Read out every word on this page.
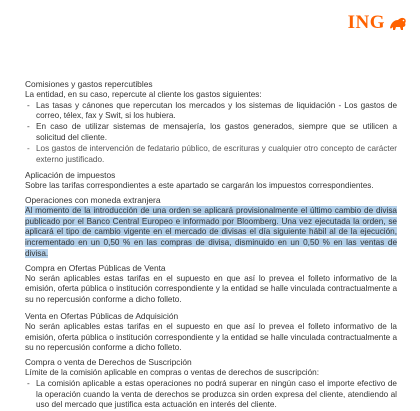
ING
Comisiones y gastos repercutibles

La entidad, en su caso, repercute al cliente los gastos siguientes:

- Las tasas y cánones que repercutan los mercados y los sistemas de liquidación - Los gastos de correo, télex, fax y Swit, si los hubiera.
- En caso de utilizar sistemas de mensajería, los gastos generados, siempre que se utilicen a solicitud del cliente.
- Los gastos de intervención de fedatario público, de escrituras y cualquier otro concepto de carácter externo justificado.
Aplicación de impuestos

Sobre las tarifas correspondientes a este apartado se cargarán los impuestos correspondientes.

Operaciones con moneda extranjera

Al momento de la introducción de una orden se aplicará provisionalmente el último cambio de divisa publicado por el Banco Central Europeo e informado por Bloomberg. Una vez ejecutada la orden, se aplicará el tipo de cambio vigente en el mercado de divisas el día siguiente hábil al de la ejecución, incrementado en un 0,50 % en las compras de divisa, disminuido en un 0,50 % en las ventas de divisa.

Compra en Ofertas Públicas de Venta

No serán aplicables estas tarifas en el supuesto en que así lo prevea el folleto informativo de la emisión, oferta pública o institución correspondiente y la entidad se halle vinculada contractualmente a su no repercusión conforme a dicho folleto.

Venta en Ofertas Públicas de Adquisición

No serán aplicables estas tarifas en el supuesto en que así lo prevea el folleto informativo de la emisión, oferta pública o institución correspondiente y la entidad se halle vinculada contractualmente a su no repercusión conforme a dicho folleto.

Compra o venta de Derechos de Suscripción

Límite de la comisión aplicable en compras o ventas de derechos de suscripción:

- La comisión aplicable a estas operaciones no podrá superar en ningún caso el importe efectivo de la operación cuando la venta de derechos se produzca sin orden expresa del cliente, atendiendo al uso del mercado que justifica esta actuación en interés del cliente.
